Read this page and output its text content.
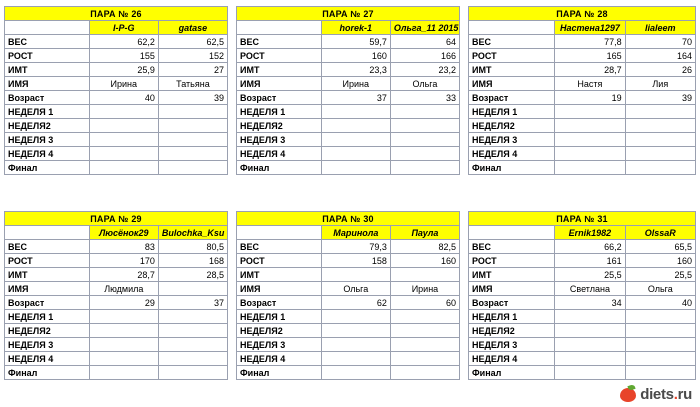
ПАРА № 26		
	I-P-G	gatase
ВЕС	62,2	62,5
РОСТ	155	152
ИМТ	25,9	27
ИМЯ	Ирина	Татьяна
Возраст	40	39
НЕДЕЛЯ 1		
НЕДЕЛЯ2		
НЕДЕЛЯ 3		
НЕДЕЛЯ 4		
Финал		
ПАРА № 27		
	horek-1	Ольга_11 2015
ВЕС	59,7	64
РОСТ	160	166
ИМТ	23,3	23,2
ИМЯ	Ирина	Ольга
Возраст	37	33
НЕДЕЛЯ 1		
НЕДЕЛЯ2		
НЕДЕЛЯ 3		
НЕДЕЛЯ 4		
Финал		
ПАРА № 28		
	Настена1297	lialeem
ВЕС	77,8	70
РОСТ	165	164
ИМТ	28,7	26
ИМЯ	Настя	Лия
Возраст	19	39
НЕДЕЛЯ 1		
НЕДЕЛЯ2		
НЕДЕЛЯ 3		
НЕДЕЛЯ 4		
Финал		
ПАРА № 29		
	Люсёнок29	Bulochka_Ksu
ВЕС	83	80,5
РОСТ	170	168
ИМТ	28,7	28,5
ИМЯ	Людмила	
Возраст	29	37
НЕДЕЛЯ 1		
НЕДЕЛЯ2		
НЕДЕЛЯ 3		
НЕДЕЛЯ 4		
Финал		
ПАРА № 30		
	Маринола	Паула
ВЕС	79,3	82,5
РОСТ	158	160
ИМТ		
ИМЯ	Ольга	Ирина
Возраст	62	60
НЕДЕЛЯ 1		
НЕДЕЛЯ2		
НЕДЕЛЯ 3		
НЕДЕЛЯ 4		
Финал		
ПАРА № 31		
	Ernik1982	OlssaR
ВЕС	66,2	65,5
РОСТ	161	160
ИМТ	25,5	25,5
ИМЯ	Светлана	Ольга
Возраст	34	40
НЕДЕЛЯ 1		
НЕДЕЛЯ2		
НЕДЕЛЯ 3		
НЕДЕЛЯ 4		
Финал		
diets.ru
